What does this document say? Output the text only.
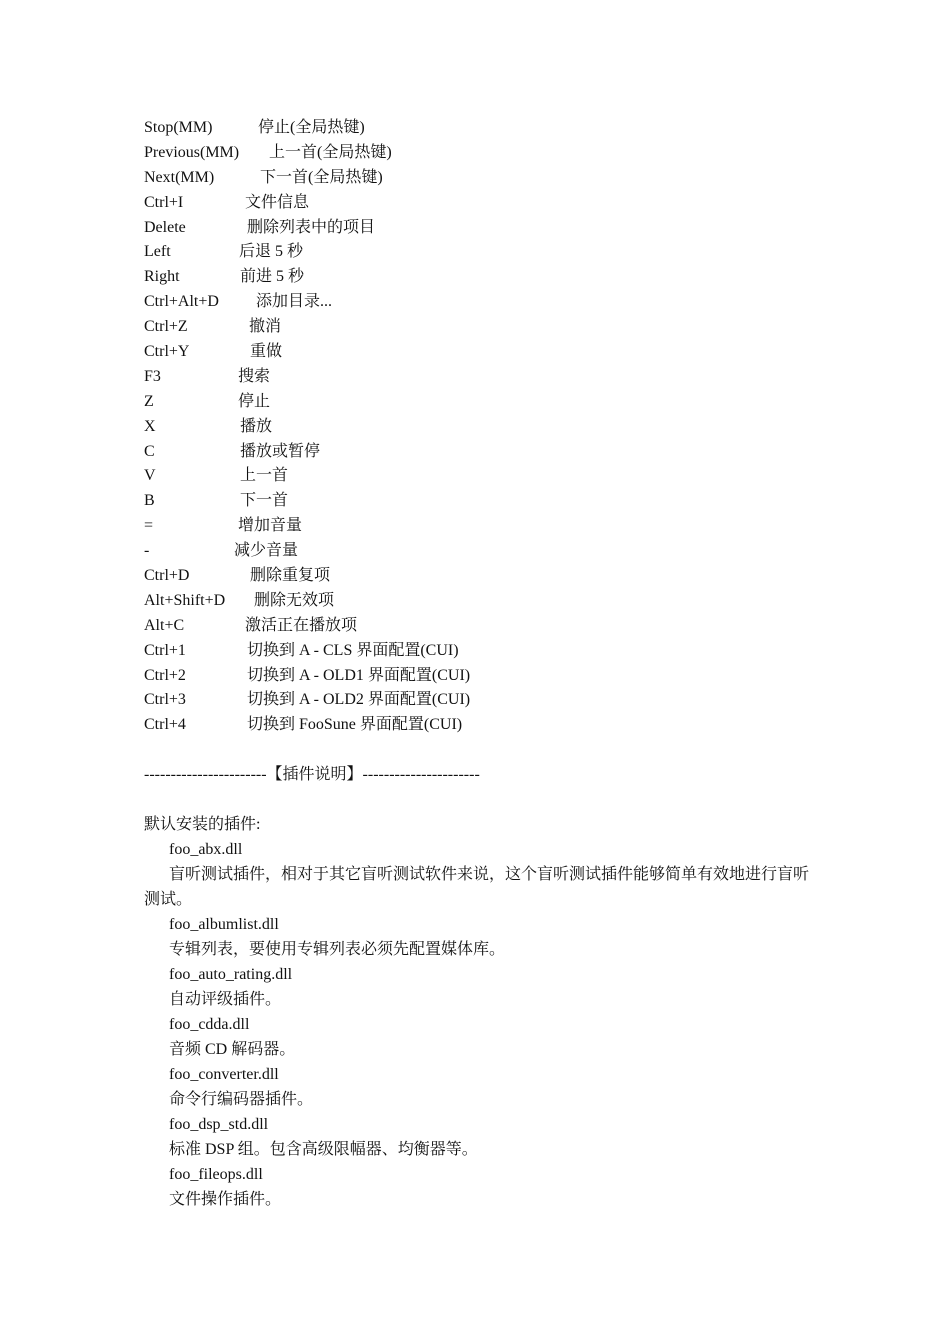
Stop(MM)	停止(全局热键)
Previous(MM) 上一首(全局热键)
Next(MM)	下一首(全局热键)
Ctrl+I	文件信息
Delete	删除列表中的项目
Left	后退 5 秒
Right	前进 5 秒
Ctrl+Alt+D 添加目录...
Ctrl+Z	撤消
Ctrl+Y	重做
F3	搜索
Z	停止
X	播放
C	播放或暂停
V	上一首
B	下一首
=	增加音量
-	减少音量
Ctrl+D	删除重复项
Alt+Shift+D 删除无效项
Alt+C	激活正在播放项
Ctrl+1	切换到 A - CLS 界面配置(CUI)
Ctrl+2	切换到 A - OLD1 界面配置(CUI)
Ctrl+3	切换到 A - OLD2 界面配置(CUI)
Ctrl+4	切换到 FooSune 界面配置(CUI)
-----------------------【插件说明】----------------------
默认安装的插件:
foo_abx.dll
盲听测试插件，相对于其它盲听测试软件来说，这个盲听测试插件能够简单有效地进行盲听测试。
foo_albumlist.dll
专辑列表，要使用专辑列表必须先配置媒体库。
foo_auto_rating.dll
自动评级插件。
foo_cdda.dll
音频 CD 解码器。
foo_converter.dll
命令行编码器插件。
foo_dsp_std.dll
标准 DSP 组。包含高级限幅器、均衡器等。
foo_fileops.dll
文件操作插件。
